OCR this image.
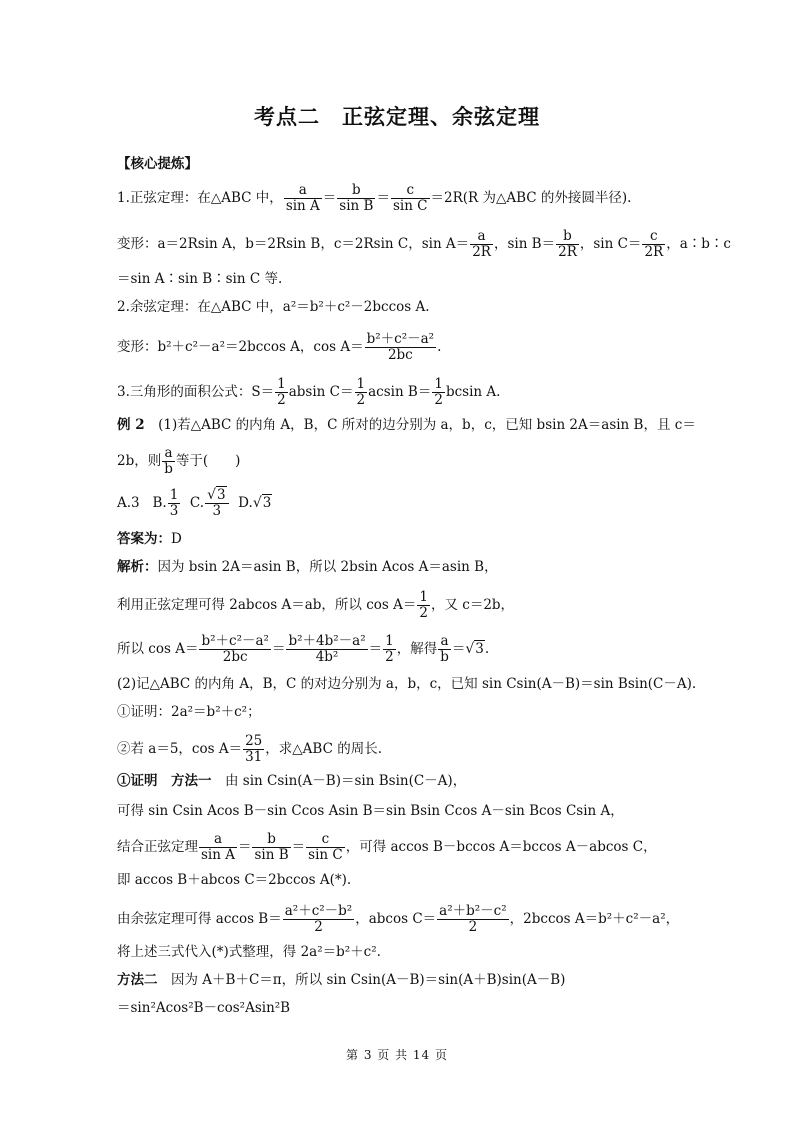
考点二　正弦定理、余弦定理
【核心提炼】
1.正弦定理：在△ABC 中， $\frac{a}{\text{sin A}} = \frac{b}{\text{sin B}} = \frac{c}{\text{sin C}} =2R(R$ 为△ABC 的外接圆半径).
变形：a＝2Rsin A，b＝2Rsin B，c＝2Rsin C，$\sin A= \frac{a}{2R}$ ，$\sin B= \frac{b}{2R}$ ，$\sin C= \frac{c}{2R}$ ，a∶b∶c
＝sin A∶sin B∶sin C 等.
2.余弦定理：在△ABC 中，a²＝b²＋c²－2bccos A.
变形：b²＋c²－a²＝2bccos A，$\cos A= \frac{\text{b²＋c²－a²}}{2bc}$ .
3.三角形的面积公式：$S= \frac{1}{2}$ absin $C= \frac{1}{2}$ acsin $B= \frac{1}{2}$ bcsin A.
例 2　(1)若△ABC 的内角 A，B，C 所对的边分别为 a，b，c，已知 bsin 2A＝asin B，且 c＝
2b，则 $\frac{a}{b}$ 等于(　　)
A.3 B. $\frac{1}{3} C$. $\frac{√3}{3} D.√3$
答案为：D
解析：因为 bsin 2A＝asin B，所以 2bsin Acos A＝asin B，
利用正弦定理可得 2abcos A＝ab，所以 $\cos A= \frac{1}{2}$ ，又 c＝2b，
所以 $\cos A= \frac{\text{b²＋c²－a²}}{2bc} = \frac{\text{b²＋4b²－a²}}{\text{4b²}} = \frac{1}{2}$ ，解得 $\frac{a}{b} =√3$.
(2)记△ABC 的内角 A，B，C 的对边分别为 a，b，c，已知 sin Csin(A－B)＝sin Bsin(C－A).
①证明：2a²＝b²＋c²；
②若 a＝5，$\cos A= \frac{25}{31}$ ，求△ABC 的周长.
①证明　方法一　由 sin Csin(A－B)＝sin Bsin(C－A)，
可得 sin Csin Acos B－sin Ccos Asin B＝sin Bsin Ccos A－sin Bcos Csin A，
结合正弦定理 $\frac{a}{\text{sin A}} = \frac{b}{\text{sin B}} = \frac{c}{\text{sin C}}$ ，可得 accos B－bccos A＝bccos A－abcos C，
即 accos B＋abcos C＝2bccos A(*).
由余弦定理可得 accos $B= \frac{\text{a²＋c²－b²}}{2}$ ，abcos $C= \frac{\text{a²＋b²－c²}}{2}$ ，2bccos A＝b²＋c²－a²，
将上述三式代入(*)式整理，得 2a²＝b²＋c².
方法二　因为 A＋B＋C＝π，所以 sin Csin(A－B)＝sin(A＋B)sin(A－B)
＝sin²Acos²B－cos²Asin²B
第 3 页 共 14 页
